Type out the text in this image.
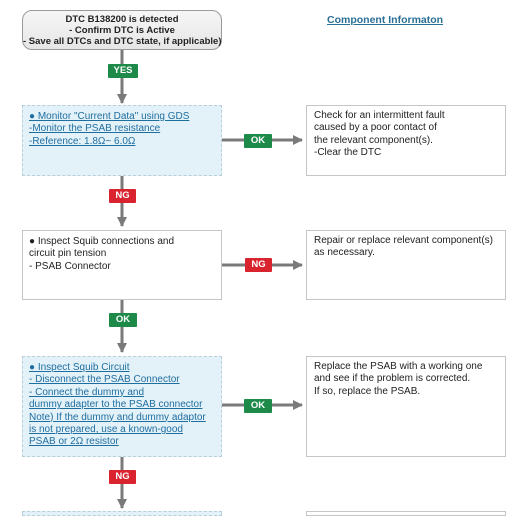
DTC B138200 is detected
- Confirm DTC is Active
- Save all DTCs and DTC state, if applicable)
Component Informaton
YES
● Monitor "Current Data" using GDS
-Monitor the PSAB resistance
-Reference: 1.8Ω~ 6.0Ω	OK
Check for an intermittent fault
caused by a poor contact of
the relevant component(s).
-Clear the DTC
NG
● Inspect Squib connections and
circuit pin tension
- PSAB Connector	NG
Repair or replace relevant component(s)
as necessary.
OK
● Inspect Squib Circuit
- Disconnect the PSAB Connector
- Connect the dummy and
dummy adapter to the PSAB connector
Note) If the dummy and dummy adaptor
is not prepared, use a known-good
PSAB or 2Ω resistor
OK
Replace the PSAB with a working one
and see if the problem is corrected.
If so, replace the PSAB.
NG
